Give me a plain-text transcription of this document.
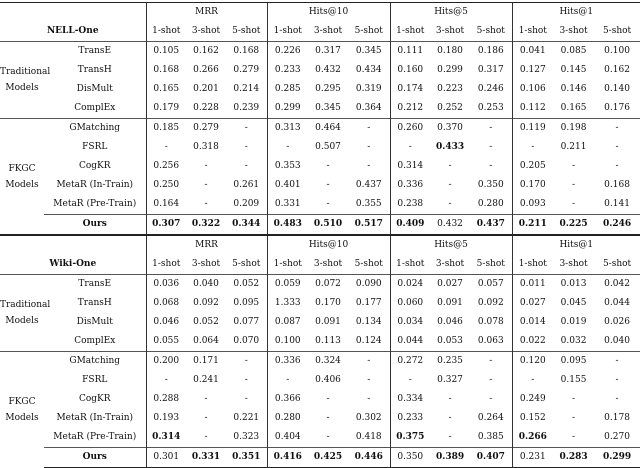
		MRR			Hits@10			Hits@5			Hits@1		
NELL-One		1-shot	3-shot	5-shot	1-shot	3-shot	5-shot	1-shot	3-shot	5-shot	1-shot	3-shot	5-shot

Traditional
Models	TransE	0.105	0.162	0.168	0.226	0.317	0.345	0.111	0.180	0.186	0.041	0.085	0.100
	TransH	0.168	0.266	0.279	0.233	0.432	0.434	0.160	0.299	0.317	0.127	0.145	0.162
	DisMult	0.165	0.201	0.214	0.285	0.295	0.319	0.174	0.223	0.246	0.106	0.146	0.140
	ComplEx	0.179	0.228	0.239	0.299	0.345	0.364	0.212	0.252	0.253	0.112	0.165	0.176

FKGC
Models	GMatching	0.185	0.279	-	0.313	0.464	-	0.260	0.370	-	0.119	0.198	-
	FSRL	-	0.318	-	-	0.507	-	-	0.433	-	-	0.211	-
	CogKR	0.256	-	-	0.353	-	-	0.314	-	-	0.205	-	-
	MetaR (In-Train)	0.250	-	0.261	0.401	-	0.437	0.336	-	0.350	0.170	-	0.168
	MetaR (Pre-Train)	0.164	-	0.209	0.331	-	0.355	0.238	-	0.280	0.093	-	0.141
	Ours	0.307	0.322	0.344	0.483	0.510	0.517	0.409	0.432	0.437	0.211	0.225	0.246
		MRR			Hits@10			Hits@5			Hits@1		
Wiki-One		1-shot	3-shot	5-shot	1-shot	3-shot	5-shot	1-shot	3-shot	5-shot	1-shot	3-shot	5-shot

Traditional
Models	TransE	0.036	0.040	0.052	0.059	0.072	0.090	0.024	0.027	0.057	0.011	0.013	0.042
	TransH	0.068	0.092	0.095	1.333	0.170	0.177	0.060	0.091	0.092	0.027	0.045	0.044
	DisMult	0.046	0.052	0.077	0.087	0.091	0.134	0.034	0.046	0.078	0.014	0.019	0.026
	ComplEx	0.055	0.064	0.070	0.100	0.113	0.124	0.044	0.053	0.063	0.022	0.032	0.040

FKGC
Models	GMatching	0.200	0.171	-	0.336	0.324	-	0.272	0.235	-	0.120	0.095	-
	FSRL	-	0.241	-	-	0.406	-	-	0.327	-	-	0.155	-
	CogKR	0.288	-	-	0.366	-	-	0.334	-	-	0.249	-	-
	MetaR (In-Train)	0.193	-	0.221	0.280	-	0.302	0.233	-	0.264	0.152	-	0.178
	MetaR (Pre-Train)	0.314	-	0.323	0.404	-	0.418	0.375	-	0.385	0.266	-	0.270
	Ours	0.301	0.331	0.351	0.416	0.425	0.446	0.350	0.389	0.407	0.231	0.283	0.299
